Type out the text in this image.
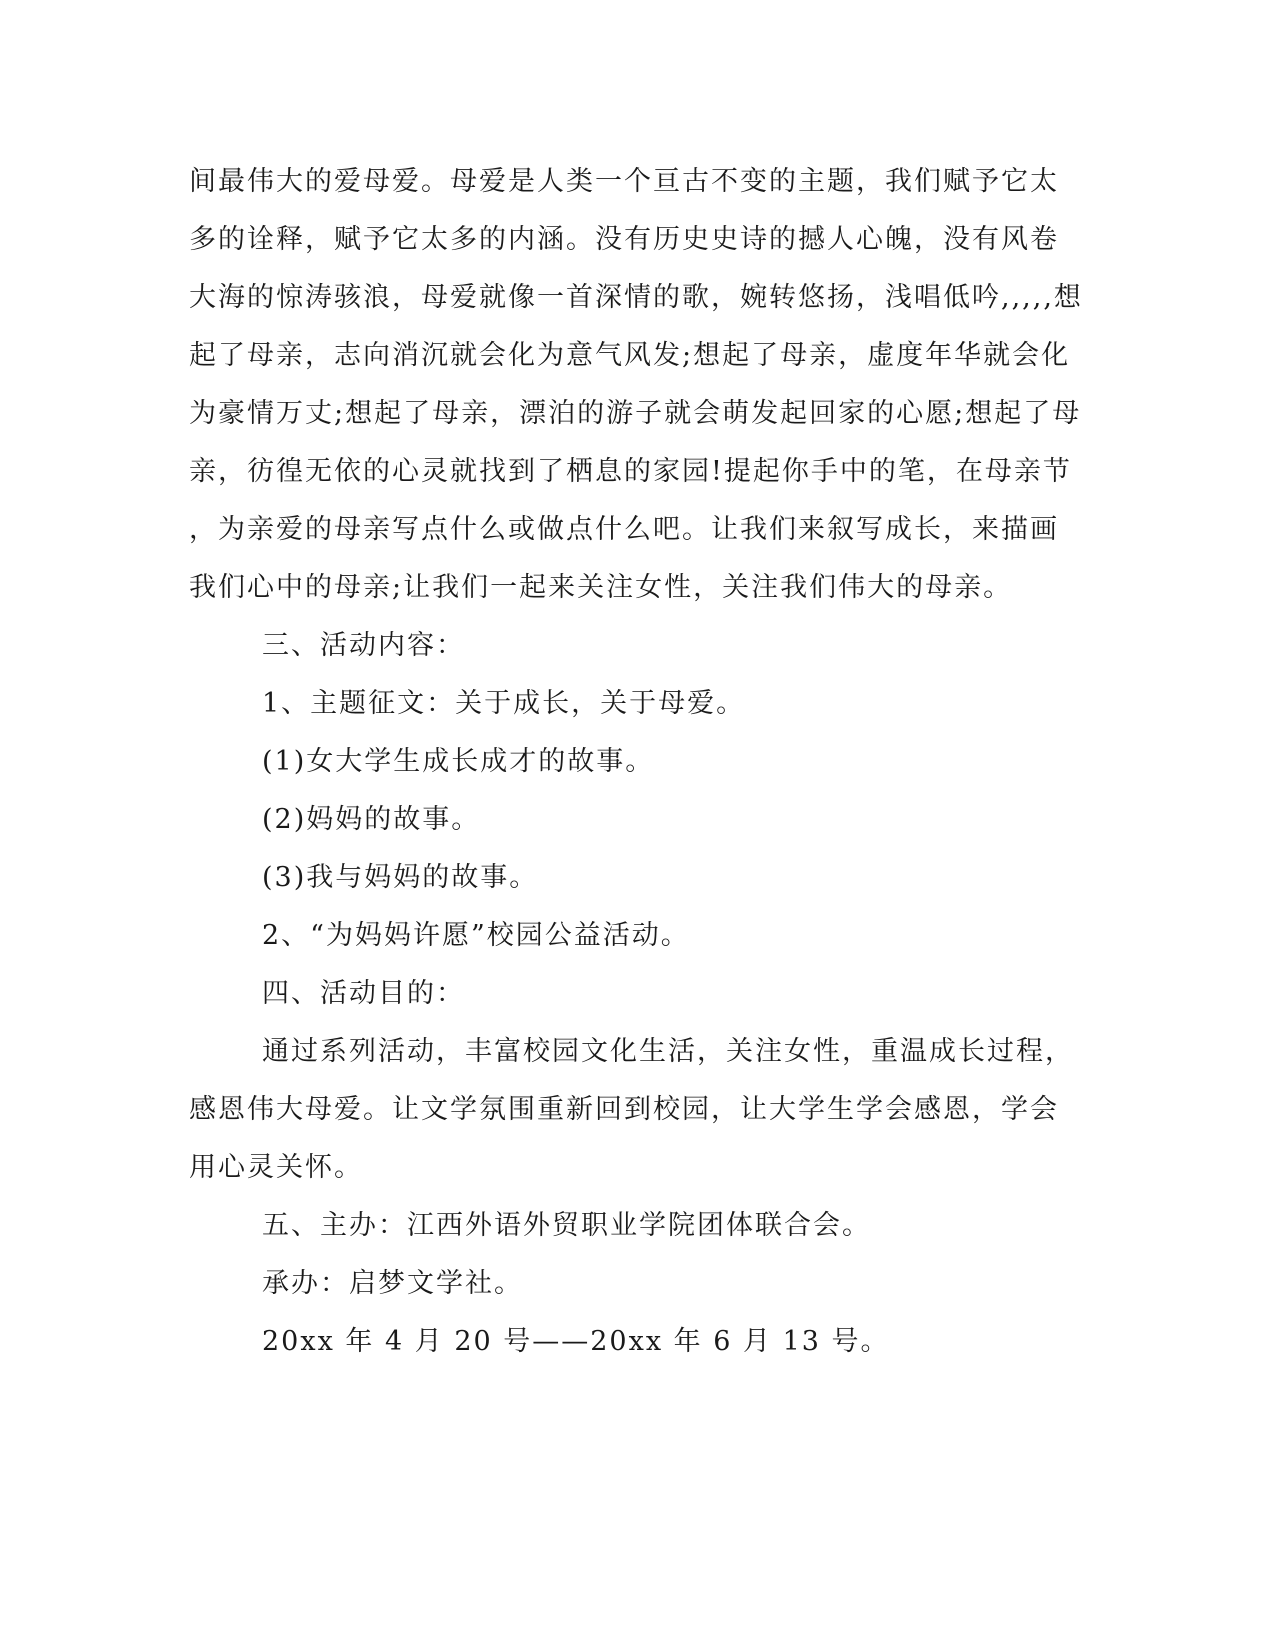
间最伟大的爱母爱。母爱是人类一个亘古不变的主题，我们赋予它太
多的诠释，赋予它太多的内涵。没有历史史诗的撼人心魄，没有风卷
大海的惊涛骇浪，母爱就像一首深情的歌，婉转悠扬，浅唱低吟,,,,,想
起了母亲，志向消沉就会化为意气风发;想起了母亲，虚度年华就会化
为豪情万丈;想起了母亲，漂泊的游子就会萌发起回家的心愿;想起了母
亲，彷徨无依的心灵就找到了栖息的家园!提起你手中的笔，在母亲节
，为亲爱的母亲写点什么或做点什么吧。让我们来叙写成长，来描画
我们心中的母亲;让我们一起来关注女性，关注我们伟大的母亲。
三、活动内容：
1、主题征文：关于成长，关于母爱。
(1)女大学生成长成才的故事。
(2)妈妈的故事。
(3)我与妈妈的故事。
2、“为妈妈许愿”校园公益活动。
四、活动目的：
通过系列活动，丰富校园文化生活，关注女性，重温成长过程，
感恩伟大母爱。让文学氛围重新回到校园，让大学生学会感恩，学会
用心灵关怀。
五、主办：江西外语外贸职业学院团体联合会。
承办：启梦文学社。
20xx 年 4 月 20 号——20xx 年 6 月 13 号。
